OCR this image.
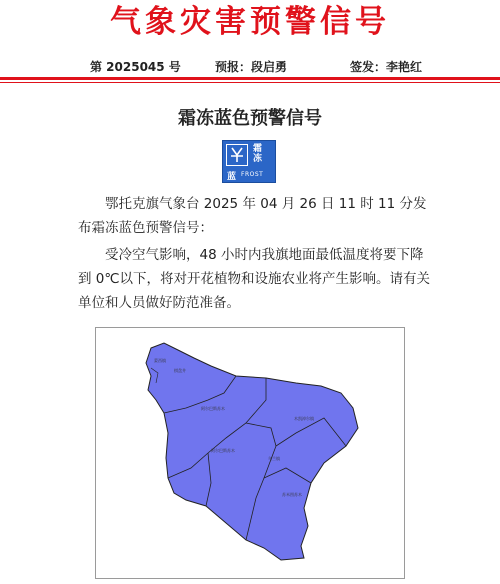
气象灾害预警信号
第 2025045 号	预报：段启勇	签发：李艳红
霜冻蓝色预警信号
霜冻
蓝 FROST
鄂托克旗气象台 2025 年 04 月 26 日 11 时 11 分发布霜冻蓝色预警信号：
受冷空气影响，48 小时内我旗地面最低温度将要下降到 0℃以下，将对开花植物和设施农业将产生影响。请有关单位和人员做好防范准备。
棋盘井
蒙西镇
阿尔巴斯苏木
木凯淖尔镇
乌兰镇
苏米图苏木
阿尔巴斯苏木
